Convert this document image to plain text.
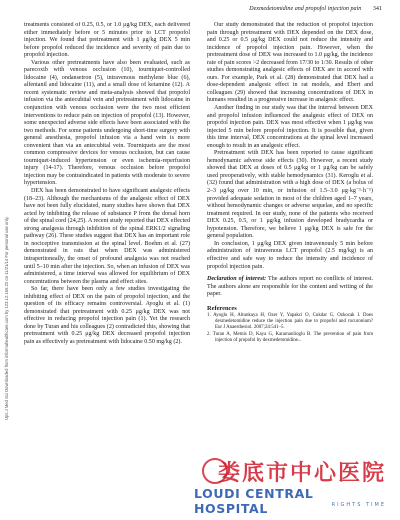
Dexmedetomidine and propofol injection pain 341
Ups J Med Sci Downloaded from informahealthcare.com by 123.12.165.22 on 11/21/14 For personal use only.

treatments consisted of 0.25, 0.5, or 1.0 μg/kg DEX, each delivered either immediately before or 5 minutes prior to LCT propofol injection. We found that pretreatment with 1 μg/kg DEX 5 min before propofol reduced the incidence and severity of pain due to propofol injection.

Various other pretreatments have also been evaluated, such as parecoxib with venous occlusion (10), tourniquet-controlled lidocaine (4), ondansetron (5), intravenous methylene blue (6), alfentanil and lidocaine (11), and a small dose of ketamine (12). A recent systematic review and meta-analysis showed that propofol infusion via the antecubital vein and pretreatment with lidocaine in conjunction with venous occlusion were the two most efficient interventions to reduce pain on injection of propofol (13). However, some unexpected adverse side effects have been associated with the two methods. For some patients undergoing short-time surgery with general anesthesia, propofol infusion via a hand vein is more convenient than via an antecubital vein. Tourniquets are the most common compressive devices for venous occlusion, but can cause tourniquet-induced hypertension or even ischemia-reperfusion injury (14-17). Therefore, venous occlusion before propofol injection may be contraindicated in patients with moderate to severe hypertension.

DEX has been demonstrated to have significant analgesic effects (18–23). Although the mechanisms of the analgesic effect of DEX have not been fully elucidated, many studies have shown that DEX acted by inhibiting the release of substance P from the dorsal horn of the spinal cord (24,25). A recent study reported that DEX effected strong analgesia through inhibition of the spinal ERK1/2 signaling pathway (26). These studies suggest that DEX has an important role in nociceptive transmission at the spinal level. Boehm et al. (27) demonstrated in rats that when DEX was administered intraperitoneally, the onset of profound analgesia was not reached until 5–10 min after the injection. So, when an infusion of DEX was administered, a time interval was allowed for equilibrium of DEX concentrations between the plasma and effect sites.

So far, there have been only a few studies investigating the inhibiting effect of DEX on the pain of propofol injection, and the question of its efficacy remains controversial. Ayoglu et al. (1) demonstrated that pretreatment with 0.25 μg/kg DEX was not effective in reducing propofol injection pain (1). Yet the research done by Turan and his colleagues (2) contradicted this, showing that pretreatment with 0.25 μg/kg DEX decreased propofol injection pain as effectively as pretreatment with lidocaine 0.50 mg/kg (2).

Our study demonstrated that the reduction of propofol injection pain through pretreatment with DEX depended on the DEX dose, and 0.25 or 0.5 μg/kg DEX could not reduce the intensity and incidence of propofol injection pain. However, when the pretreatment dose of DEX was increased to 1.0 μg/kg, the incidence rate of pain scores >2 decreased from 17/30 to 1/30. Results of other studies demonstrating analgesic effects of DEX are in accord with ours. For example, Park et al. (28) demonstrated that DEX had a dose-dependent analgesic effect in rat models, and Ebert and colleagues (29) showed that increasing concentrations of DEX in humans resulted in a progressive increase in analgesic effect.

Another finding in our study was that the interval between DEX and propofol infusion influenced the analgesic effect of DEX on propofol injection pain. DEX was most effective when 1 μg/kg was injected 5 min before propofol injection. It is possible that, given this time interval, DEX concentrations at the spinal level increased enough to result in an analgesic effect.

Pretreatment with DEX has been reported to cause significant hemodynamic adverse side effects (30). However, a recent study showed that DEX at doses of 0.5 μg/kg or 1 μg/kg can be safely used preoperatively, with stable hemodynamics (31). Keroglu et al. (32) found that administration with a high dose of DEX (a bolus of 2–3 μg/kg over 10 min, or infusion of 1.5–3.0 μg·kg⁻¹·h⁻¹) provided adequate sedation in most of the children aged 1–7 years, without hemodynamic changes or adverse sequelae, and no specific treatment required. In our study, none of the patients who received DEX 0.25, 0.5, or 1 μg/kg infusion developed bradycardia or hypotension. Therefore, we believe 1 μg/kg DEX is safe for the general population.

In conclusion, 1 μg/kg DEX given intravenously 5 min before administration of intravenous LCT propofol (2.5 mg/kg) is an effective and safe way to reduce the intensity and incidence of propofol injection pain.

Declaration of interest: The authors report no conflicts of interest. The authors alone are responsible for the content and writing of the paper.

References

1. Ayoglu H, Altunkaya H, Ozer Y, Yapakci O, Cukdar G, Ozkocak I. Does dexmedetomidine reduce the injection pain due to propofol and rocuronium? Eur J Anaesthesiol. 2007;24:541–5.

2. Turan A, Memis D, Kaya G, Karamanlioglu B. The prevention of pain from injection of propofol by dexmedetomidine...

娄底市中心医院
LOUDI CENTRAL HOSPITAL	RIGHTS TIME
